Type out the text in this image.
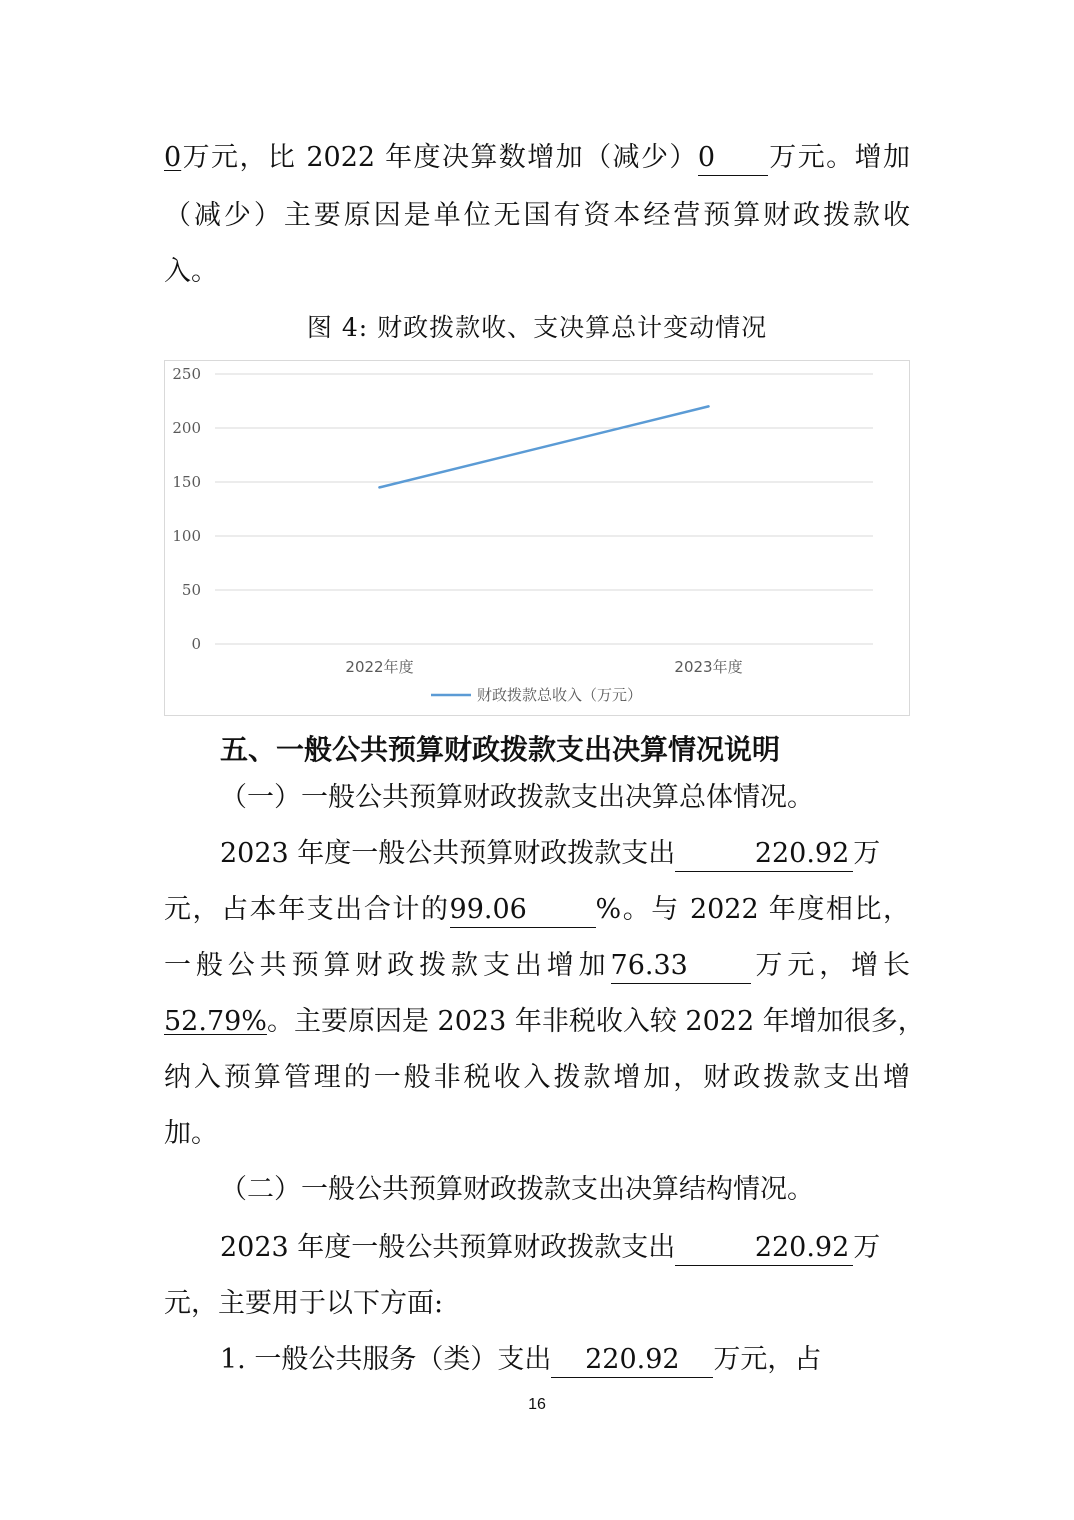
0万元，比 2022 年度决算数增加（减少）0 万元。增加
（减少）主要原因是单位无国有资本经营预算财政拨款收
入。
图 4: 财政拨款收、支决算总计变动情况
0
50
100
150
200
250
2022年度	2023年度
财政拨款总收入（万元）
五、一般公共预算财政拨款支出决算情况说明
（一）一般公共预算财政拨款支出决算总体情况。
2023 年度一般公共预算财政拨款支出	220.92 万
元，占本年支出合计的99.06	%。与 2022 年度相比，
一般公共预算财政拨款支出增加76.33 万元，增长
52.79%。主要原因是 2023 年非税收入较 2022 年增加很多，
纳入预算管理的一般非税收入拨款增加，财政拨款支出增
加。
（二）一般公共预算财政拨款支出决算结构情况。
2023 年度一般公共预算财政拨款支出	220.92 万
元，主要用于以下方面:
1. 一般公共服务（类）支出 220.92 万元，占
16
